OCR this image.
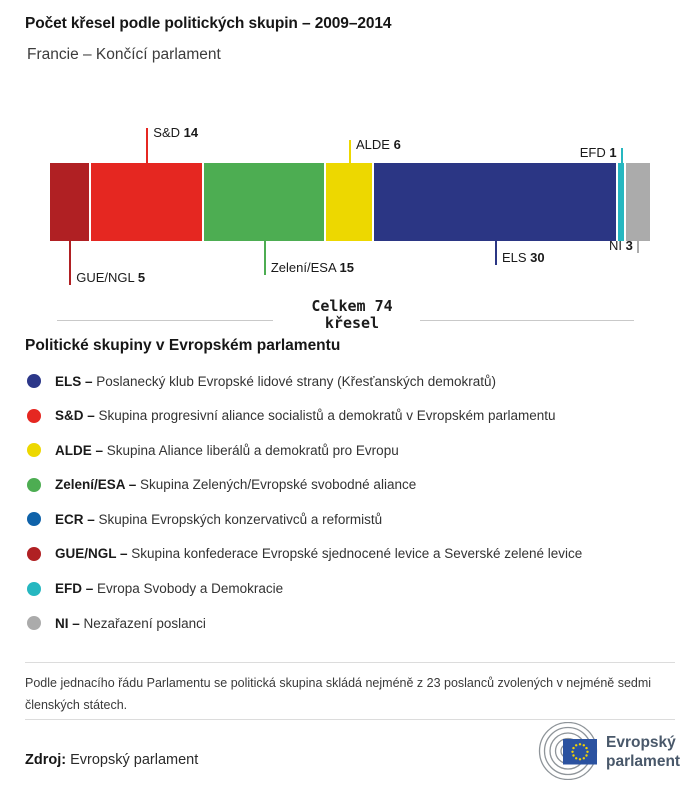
Počet křesel podle politických skupin – 2009–2014
Francie – Končící parlament
Celkem 74
křesel
Politické skupiny v Evropském parlamentu
ELS – Poslanecký klub Evropské lidové strany (Křesťanských demokratů)
S&D – Skupina progresivní aliance socialistů a demokratů v Evropském parlamentu
ALDE – Skupina Aliance liberálů a demokratů pro Evropu
Zelení/ESA – Skupina Zelených/Evropské svobodné aliance
ECR – Skupina Evropských konzervativců a reformistů
GUE/NGL – Skupina konfederace Evropské sjednocené levice a Severské zelené levice
EFD – Evropa Svobody a Demokracie
NI – Nezařazení poslanci

Podle jednacího řádu Parlamentu se politická skupina skládá nejméně z 23 poslanců zvolených v nejméně sedmi členských státech.

Zdroj: Evropský parlament
Evropský
parlament
GUE/NGL 5
S&D 14
Zelení/ESA 15
ALDE 6
ELS 30
EFD 1
NI 3
